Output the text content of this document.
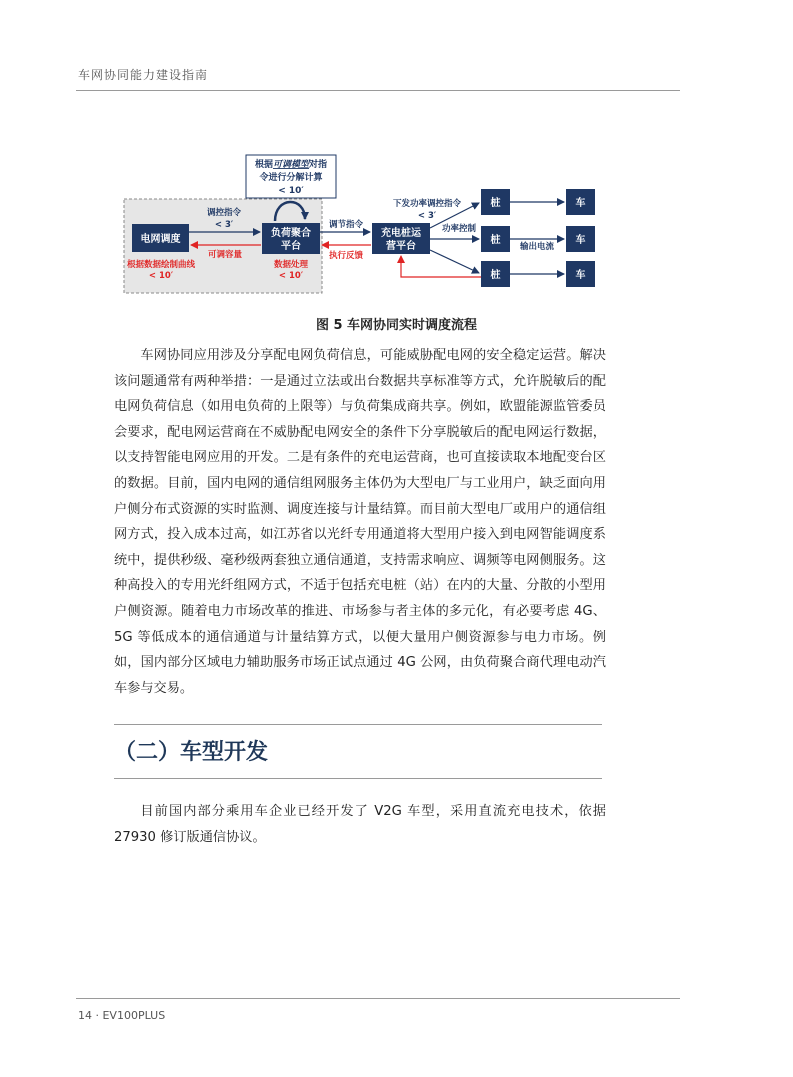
车网协同能力建设指南
根据可调模型对指
令进行分解计算
< 10′
电网调度
负荷聚合
平台
充电桩运
营平台
桩
桩
桩
车
车
车
调控指令
< 3′
可调容量
根据数据绘制曲线
< 10′
数据处理
< 10′
调节指令
执行反馈
下发功率调控指令
< 3′
功率控制
输出电流
图 5 车网协同实时调度流程

车网协同应用涉及分享配电网负荷信息，可能威胁配电网的安全稳定运营。解决该问题通常有两种举措：一是通过立法或出台数据共享标准等方式，允许脱敏后的配电网负荷信息（如用电负荷的上限等）与负荷集成商共享。例如，欧盟能源监管委员会要求，配电网运营商在不威胁配电网安全的条件下分享脱敏后的配电网运行数据，以支持智能电网应用的开发。二是有条件的充电运营商，也可直接读取本地配变台区的数据。目前，国内电网的通信组网服务主体仍为大型电厂与工业用户，缺乏面向用户侧分布式资源的实时监测、调度连接与计量结算。而目前大型电厂或用户的通信组网方式，投入成本过高，如江苏省以光纤专用通道将大型用户接入到电网智能调度系统中，提供秒级、毫秒级两套独立通信通道，支持需求响应、调频等电网侧服务。这种高投入的专用光纤组网方式，不适于包括充电桩（站）在内的大量、分散的小型用户侧资源。随着电力市场改革的推进、市场参与者主体的多元化，有必要考虑 4G、5G 等低成本的通信通道与计量结算方式，以便大量用户侧资源参与电力市场。例如，国内部分区域电力辅助服务市场正试点通过 4G 公网，由负荷聚合商代理电动汽车参与交易。

（二）车型开发

目前国内部分乘用车企业已经开发了 V2G 车型，采用直流充电技术，依据 27930 修订版通信协议。

14 · EV100PLUS
